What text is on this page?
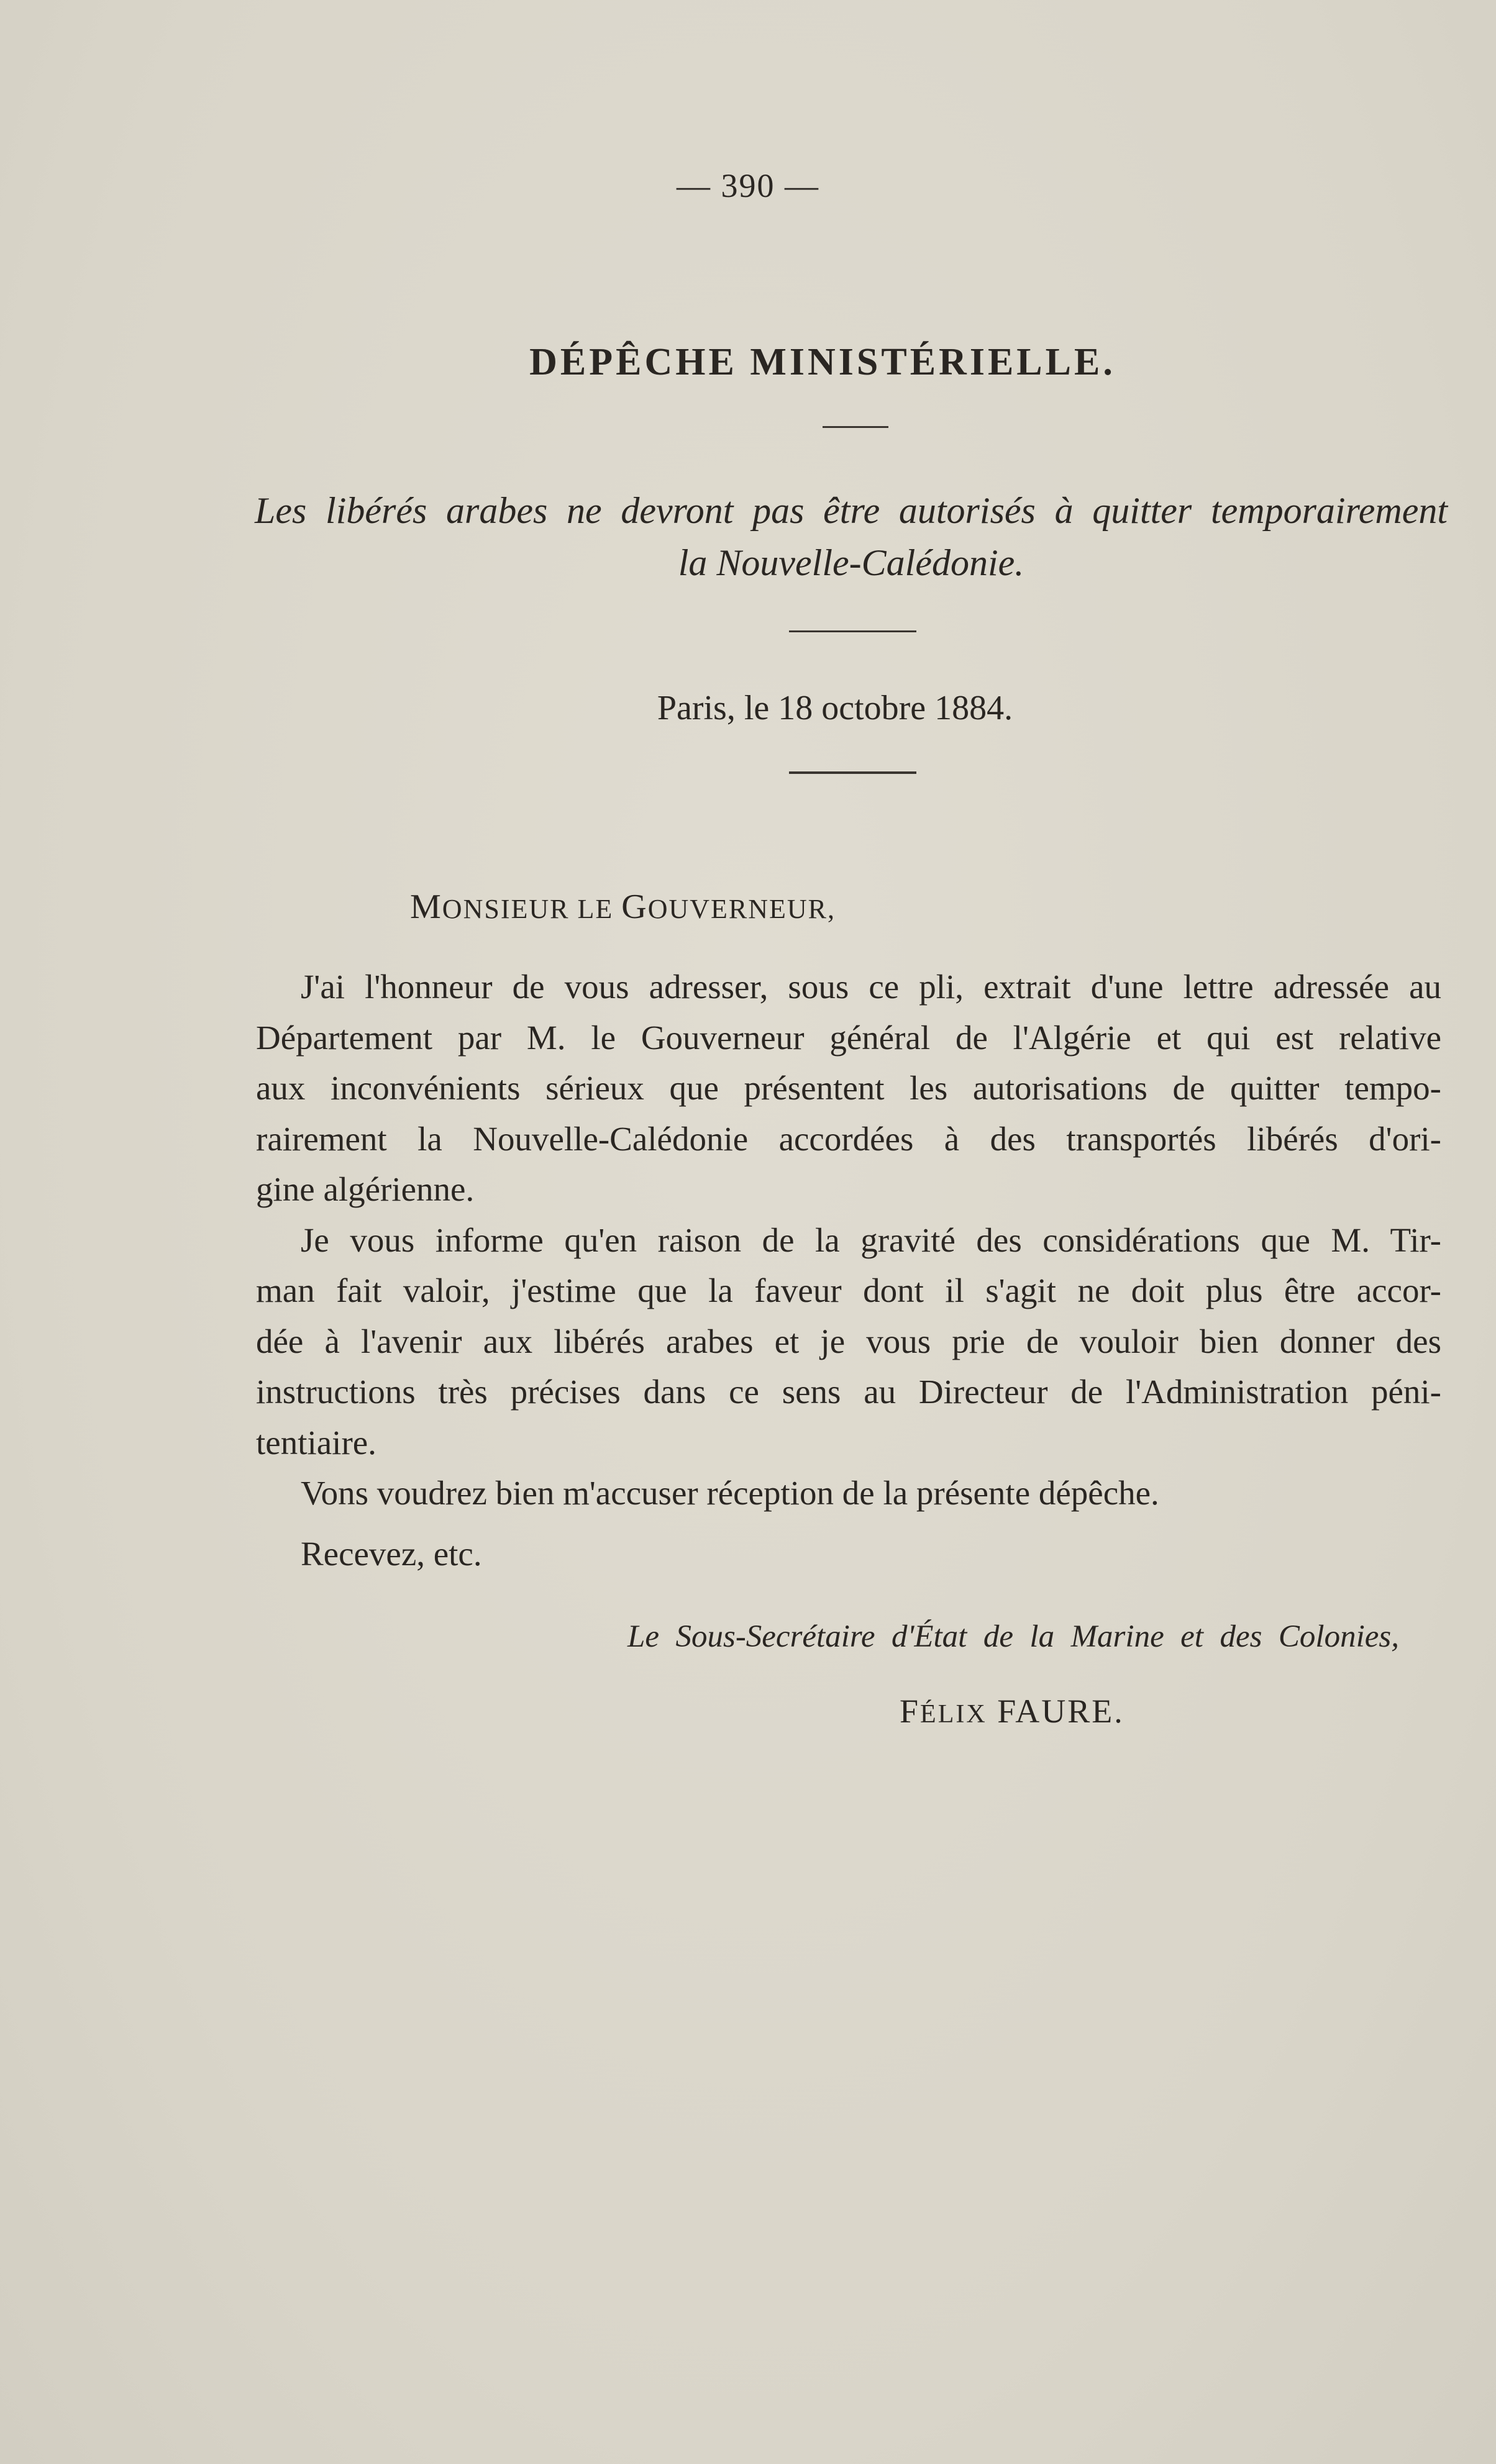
— 390 —
DÉPÊCHE MINISTÉRIELLE.
Les libérés arabes ne devront pas être autorisés à quitter temporairement
la Nouvelle-Calédonie.
Paris, le 18 octobre 1884.
MONSIEUR LE GOUVERNEUR,

J'ai l'honneur de vous adresser, sous ce pli, extrait d'une lettre adressée au
Département par M. le Gouverneur général de l'Algérie et qui est relative
aux inconvénients sérieux que présentent les autorisations de quitter tempo-
rairement la Nouvelle-Calédonie accordées à des transportés libérés d'ori-
gine algérienne.

Je vous informe qu'en raison de la gravité des considérations que M. Tir-
man fait valoir, j'estime que la faveur dont il s'agit ne doit plus être accor-
dée à l'avenir aux libérés arabes et je vous prie de vouloir bien donner des
instructions très précises dans ce sens au Directeur de l'Administration péni-
tentiaire.

Vons voudrez bien m'accuser réception de la présente dépêche.

Recevez, etc.
Le Sous-Secrétaire d'État de la Marine et des Colonies,
FÉLIX FAURE.
